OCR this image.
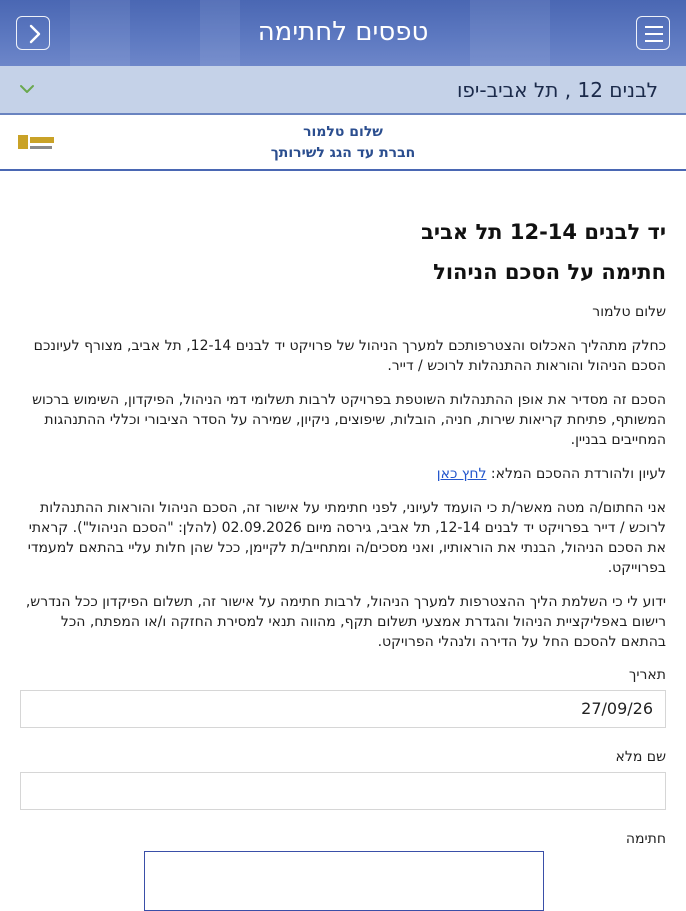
טפסים לחתימה
לבנים 12 , תל אביב-יפו
שלום טלמור
חברת עד הגג לשירותך
יד לבנים 12-14 תל אביב
חתימה על הסכם הניהול

שלום טלמור

כחלק מתהליך האכלוס והצטרפותכם למערך הניהול של פרויקט יד לבנים 12-14, תל אביב, מצורף לעיונכם הסכם הניהול והוראות ההתנהלות לרוכש / דייר.

הסכם זה מסדיר את אופן ההתנהלות השוטפת בפרויקט לרבות תשלומי דמי הניהול, הפיקדון, השימוש ברכוש המשותף, פתיחת קריאות שירות, חניה, הובלות, שיפוצים, ניקיון, שמירה על הסדר הציבורי וכללי ההתנהגות המחייבים בבניין.

לעיון ולהורדת ההסכם המלא: לחץ כאן

אני החתום/ה מטה מאשר/ת כי הועמד לעיוני, לפני חתימתי על אישור זה, הסכם הניהול והוראות ההתנהלות לרוכש / דייר בפרויקט יד לבנים 12-14, תל אביב, גירסה מיום 02.09.2026 (להלן: "הסכם הניהול"). קראתי את הסכם הניהול, הבנתי את הוראותיו, ואני מסכים/ה ומתחייב/ת לקיימן, ככל שהן חלות עליי בהתאם למעמדי בפרוייקט.

ידוע לי כי השלמת הליך ההצטרפות למערך הניהול, לרבות חתימה על אישור זה, תשלום הפיקדון ככל הנדרש, רישום באפליקציית הניהול והגדרת אמצעי תשלום תקף, מהווה תנאי למסירת החזקה ו/או המפתח, הכל בהתאם להסכם החל על הדירה ולנהלי הפרויקט.

תאריך
27/09/26
שם מלא
חתימה
